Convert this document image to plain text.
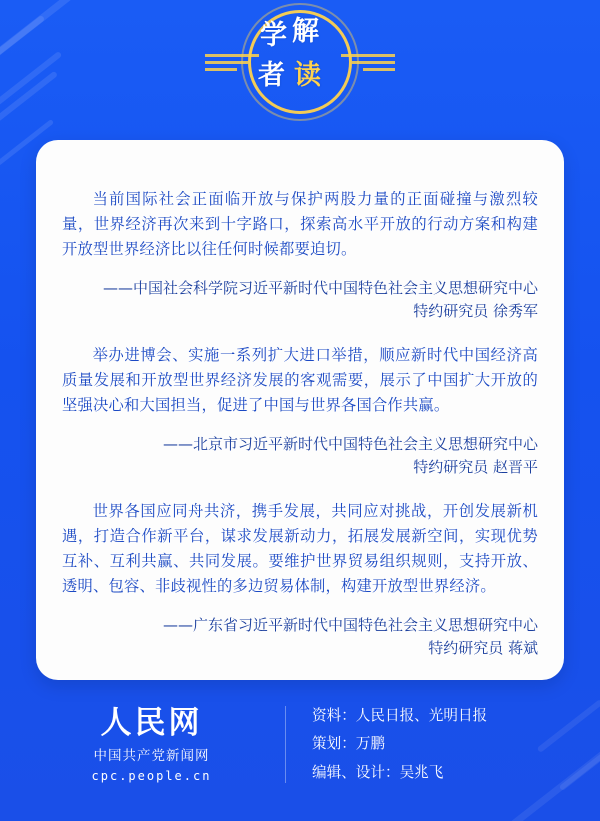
学 解
者 读

当前国际社会正面临开放与保护两股力量的正面碰撞与激烈较量，世界经济再次来到十字路口，探索高水平开放的行动方案和构建开放型世界经济比以往任何时候都要迫切。

——中国社会科学院习近平新时代中国特色社会主义思想研究中心
特约研究员 徐秀军

举办进博会、实施一系列扩大进口举措，顺应新时代中国经济高质量发展和开放型世界经济发展的客观需要，展示了中国扩大开放的坚强决心和大国担当，促进了中国与世界各国合作共赢。

——北京市习近平新时代中国特色社会主义思想研究中心
特约研究员 赵晋平

世界各国应同舟共济，携手发展，共同应对挑战，开创发展新机遇，打造合作新平台，谋求发展新动力，拓展发展新空间，实现优势互补、互利共赢、共同发展。要维护世界贸易组织规则，支持开放、透明、包容、非歧视性的多边贸易体制，构建开放型世界经济。

——广东省习近平新时代中国特色社会主义思想研究中心
特约研究员 蒋斌
人民网
中国共产党新闻网
cpc.people.cn
资料：人民日报、光明日报
策划：万鹏
编辑、设计：吴兆飞
